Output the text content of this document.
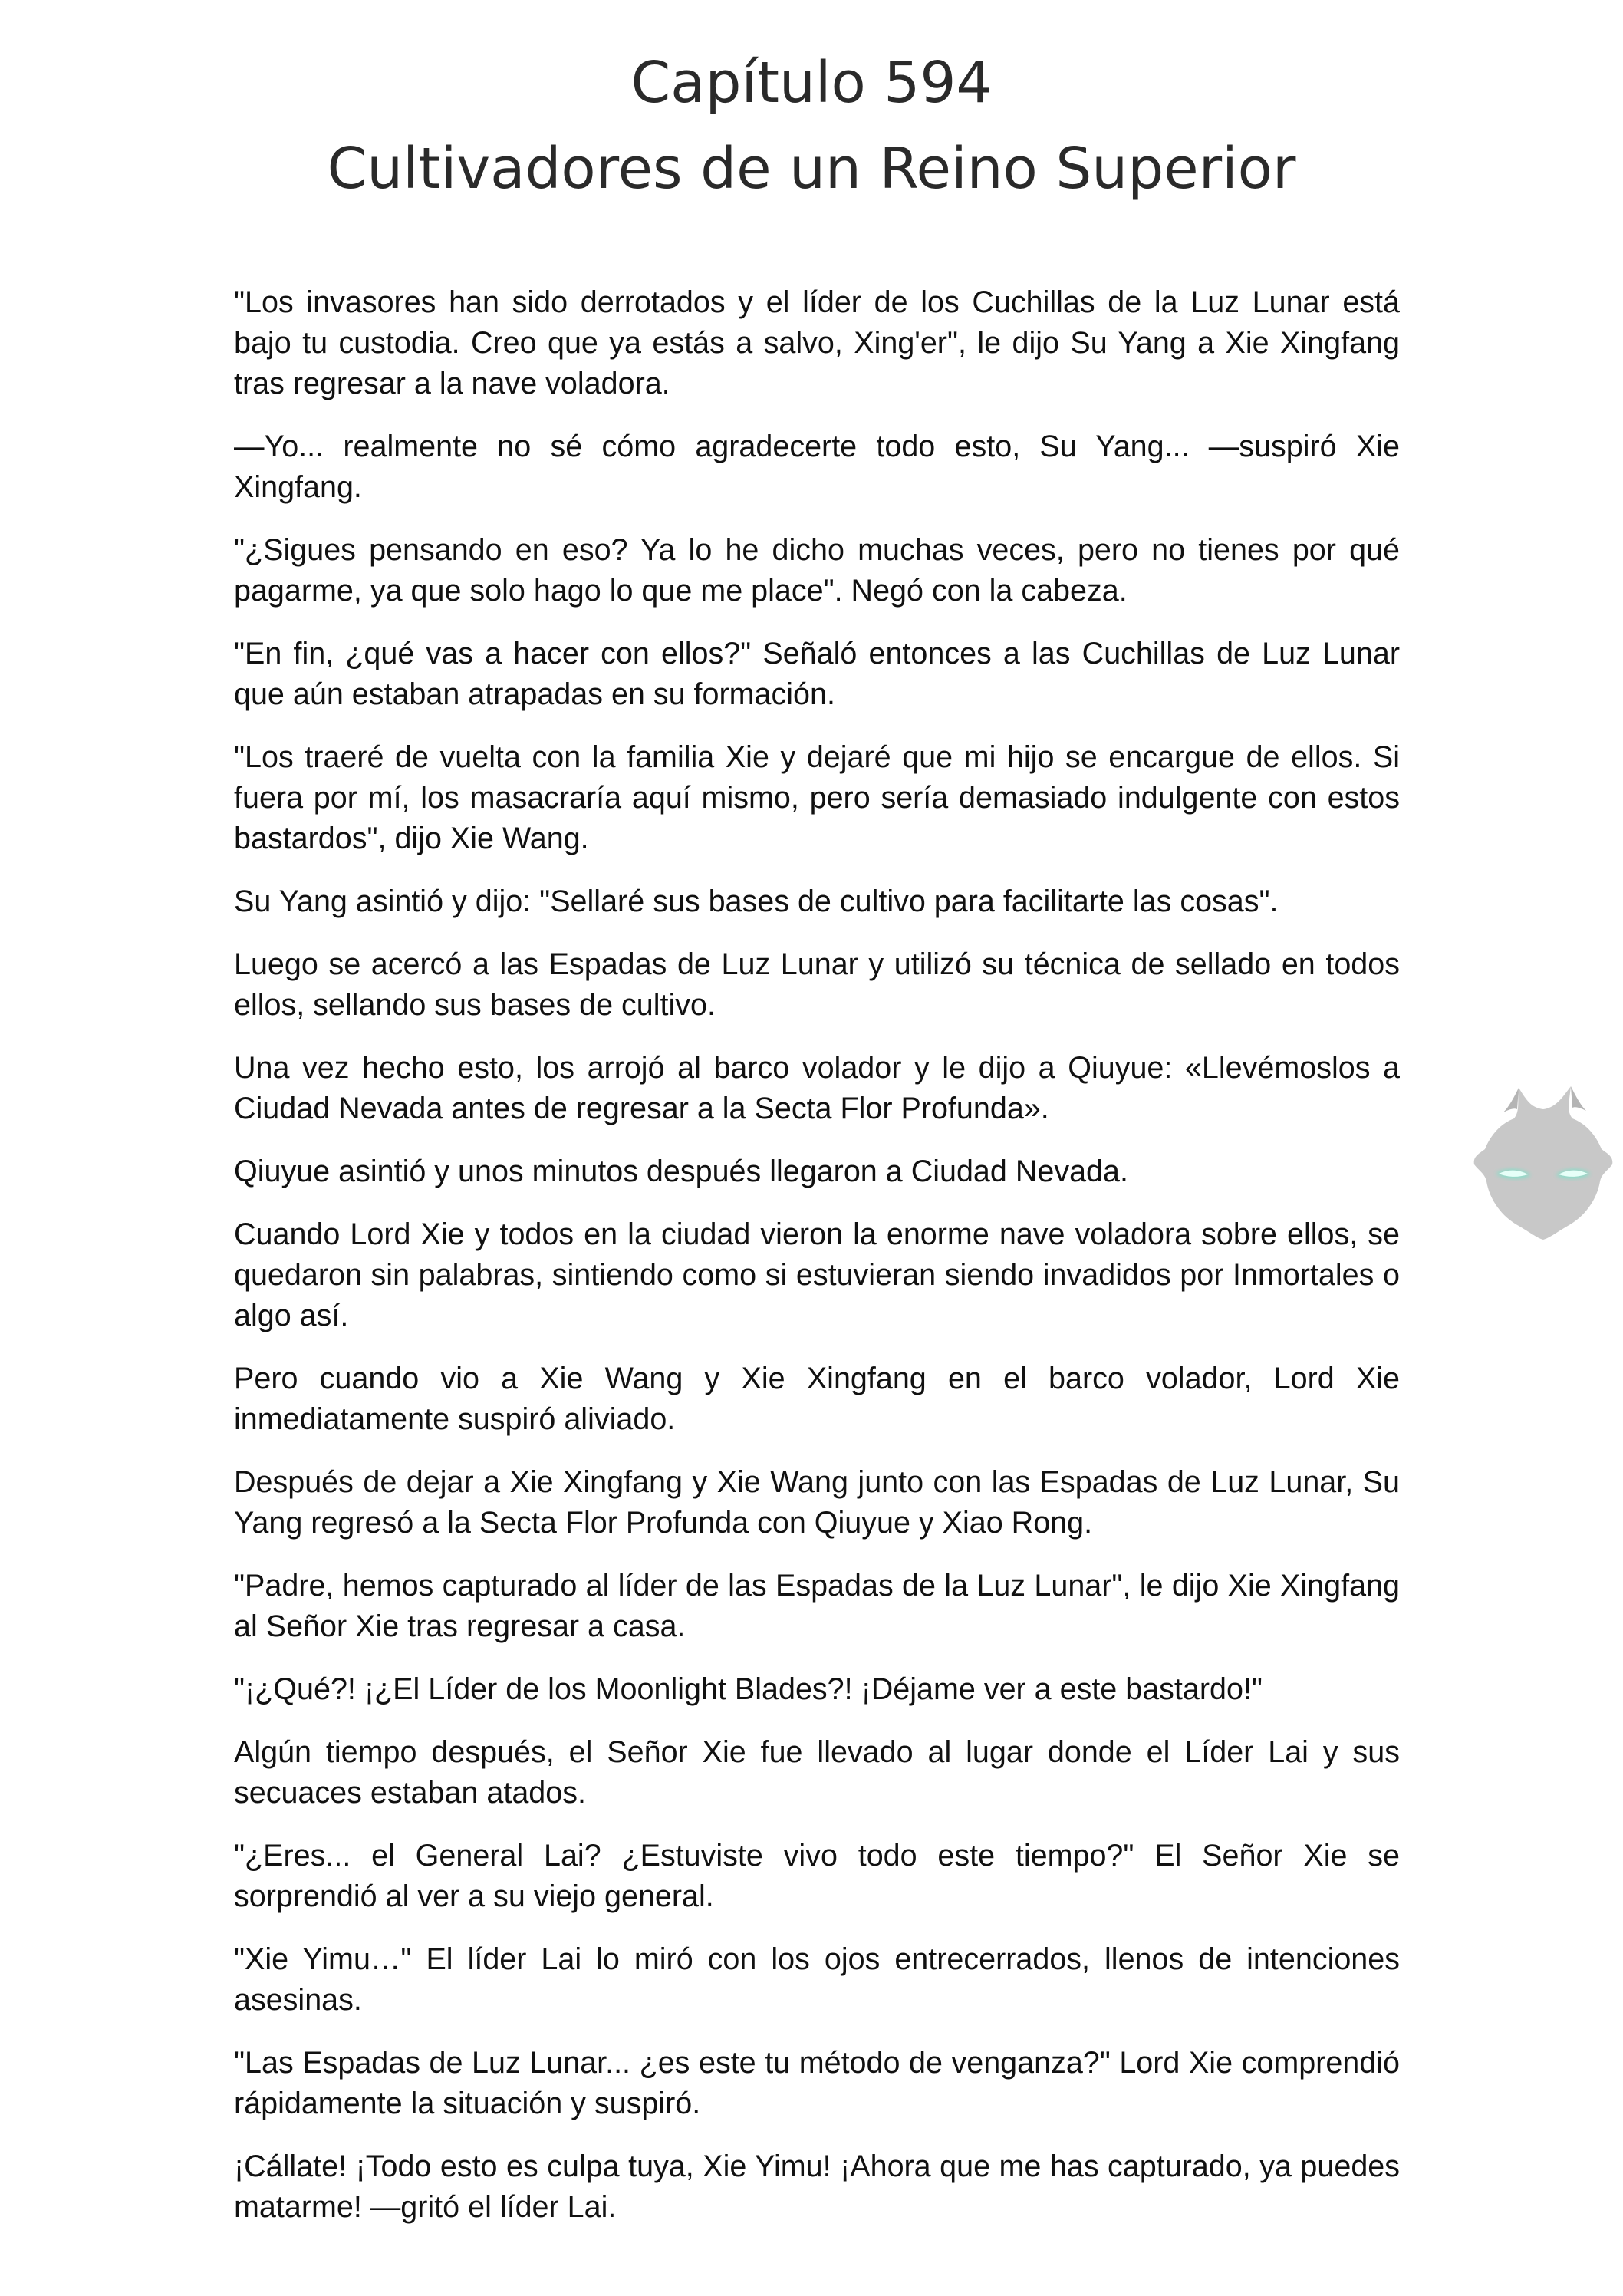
Capítulo 594
Cultivadores de un Reino Superior

"Los invasores han sido derrotados y el líder de los Cuchillas de la Luz Lunar está bajo tu custodia. Creo que ya estás a salvo, Xing'er", le dijo Su Yang a Xie Xingfang tras regresar a la nave voladora.

—Yo... realmente no sé cómo agradecerte todo esto, Su Yang... —suspiró Xie Xingfang.

"¿Sigues pensando en eso? Ya lo he dicho muchas veces, pero no tienes por qué pagarme, ya que solo hago lo que me place". Negó con la cabeza.

"En fin, ¿qué vas a hacer con ellos?" Señaló entonces a las Cuchillas de Luz Lunar que aún estaban atrapadas en su formación.

"Los traeré de vuelta con la familia Xie y dejaré que mi hijo se encargue de ellos. Si fuera por mí, los masacraría aquí mismo, pero sería demasiado indulgente con estos bastardos", dijo Xie Wang.

Su Yang asintió y dijo: "Sellaré sus bases de cultivo para facilitarte las cosas".

Luego se acercó a las Espadas de Luz Lunar y utilizó su técnica de sellado en todos ellos, sellando sus bases de cultivo.

Una vez hecho esto, los arrojó al barco volador y le dijo a Qiuyue: «Llevémoslos a Ciudad Nevada antes de regresar a la Secta Flor Profunda».

Qiuyue asintió y unos minutos después llegaron a Ciudad Nevada.

Cuando Lord Xie y todos en la ciudad vieron la enorme nave voladora sobre ellos, se quedaron sin palabras, sintiendo como si estuvieran siendo invadidos por Inmortales o algo así.

Pero cuando vio a Xie Wang y Xie Xingfang en el barco volador, Lord Xie inmediatamente suspiró aliviado.

Después de dejar a Xie Xingfang y Xie Wang junto con las Espadas de Luz Lunar, Su Yang regresó a la Secta Flor Profunda con Qiuyue y Xiao Rong.

"Padre, hemos capturado al líder de las Espadas de la Luz Lunar", le dijo Xie Xingfang al Señor Xie tras regresar a casa.

"¡¿Qué?! ¡¿El Líder de los Moonlight Blades?! ¡Déjame ver a este bastardo!"

Algún tiempo después, el Señor Xie fue llevado al lugar donde el Líder Lai y sus secuaces estaban atados.

"¿Eres... el General Lai? ¿Estuviste vivo todo este tiempo?" El Señor Xie se sorprendió al ver a su viejo general.

"Xie Yimu…" El líder Lai lo miró con los ojos entrecerrados, llenos de intenciones asesinas.

"Las Espadas de Luz Lunar... ¿es este tu método de venganza?" Lord Xie comprendió rápidamente la situación y suspiró.

¡Cállate! ¡Todo esto es culpa tuya, Xie Yimu! ¡Ahora que me has capturado, ya puedes matarme! —gritó el líder Lai.
